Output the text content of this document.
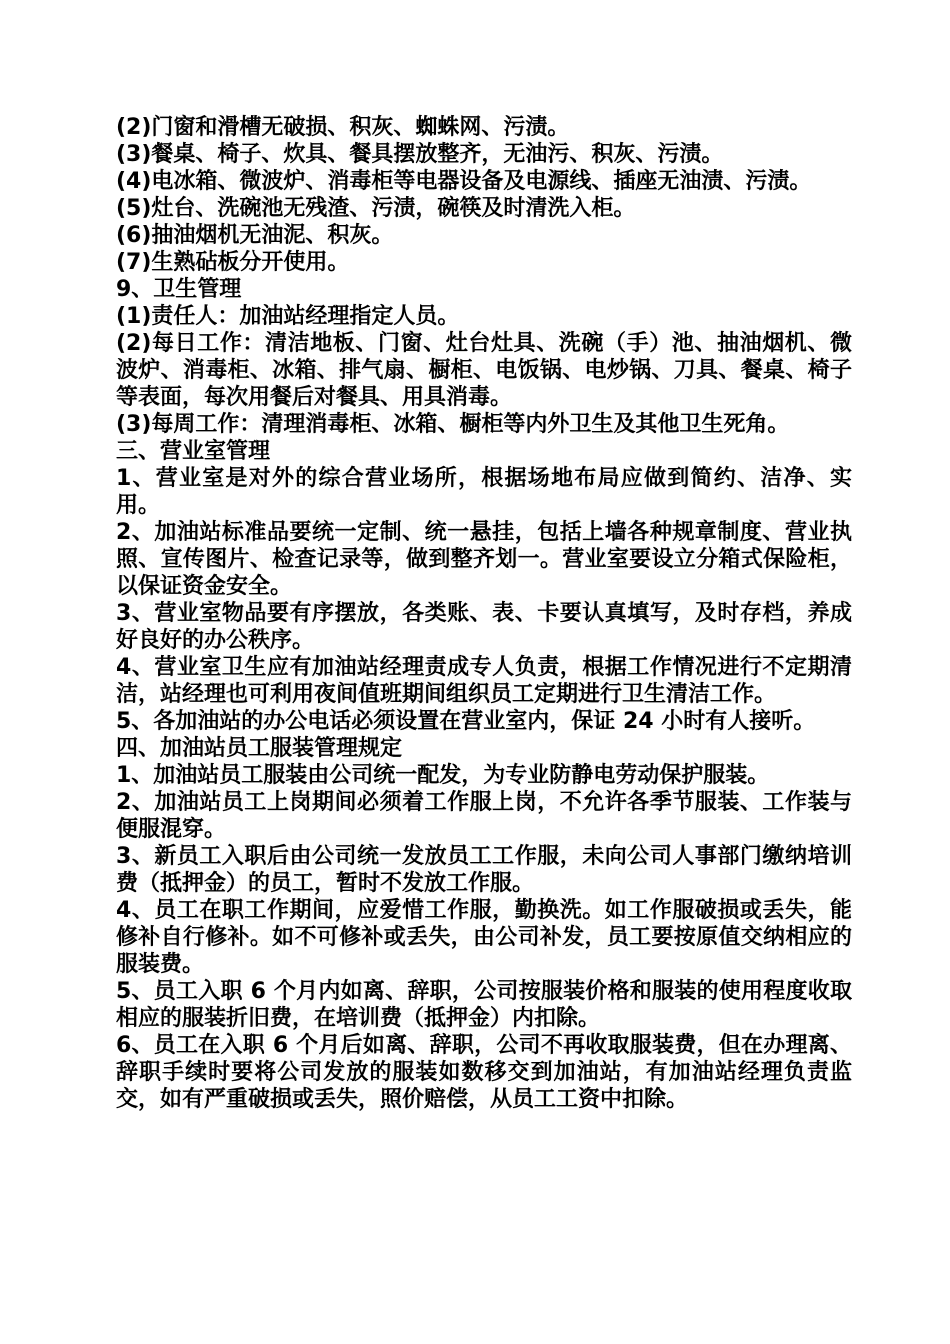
(2)门窗和滑槽无破损、积灰、蜘蛛网、污渍。

(3)餐桌、椅子、炊具、餐具摆放整齐，无油污、积灰、污渍。

(4)电冰箱、微波炉、消毒柜等电器设备及电源线、插座无油渍、污渍。

(5)灶台、洗碗池无残渣、污渍，碗筷及时清洗入柜。

(6)抽油烟机无油泥、积灰。

(7)生熟砧板分开使用。

9、卫生管理

(1)责任人：加油站经理指定人员。

(2)每日工作：清洁地板、门窗、灶台灶具、洗碗（手）池、抽油烟机、微波炉、消毒柜、冰箱、排气扇、橱柜、电饭锅、电炒锅、刀具、餐桌、椅子等表面，每次用餐后对餐具、用具消毒。

(3)每周工作：清理消毒柜、冰箱、橱柜等内外卫生及其他卫生死角。

三、营业室管理

1、营业室是对外的综合营业场所，根据场地布局应做到简约、洁净、实用。

2、加油站标准品要统一定制、统一悬挂，包括上墙各种规章制度、营业执照、宣传图片、检查记录等，做到整齐划一。营业室要设立分箱式保险柜，以保证资金安全。

3、营业室物品要有序摆放，各类账、表、卡要认真填写，及时存档，养成好良好的办公秩序。

4、营业室卫生应有加油站经理责成专人负责，根据工作情况进行不定期清洁，站经理也可利用夜间值班期间组织员工定期进行卫生清洁工作。

5、各加油站的办公电话必须设置在营业室内，保证 24 小时有人接听。

四、加油站员工服装管理规定

1、加油站员工服装由公司统一配发，为专业防静电劳动保护服装。

2、加油站员工上岗期间必须着工作服上岗，不允许各季节服装、工作装与便服混穿。

3、新员工入职后由公司统一发放员工工作服，未向公司人事部门缴纳培训费（抵押金）的员工，暂时不发放工作服。

4、员工在职工作期间，应爱惜工作服，勤换洗。如工作服破损或丢失，能修补自行修补。如不可修补或丢失，由公司补发，员工要按原值交纳相应的服装费。

5、员工入职 6 个月内如离、辞职，公司按服装价格和服装的使用程度收取相应的服装折旧费，在培训费（抵押金）内扣除。

6、员工在入职 6 个月后如离、辞职，公司不再收取服装费，但在办理离、辞职手续时要将公司发放的服装如数移交到加油站，有加油站经理负责监交，如有严重破损或丢失，照价赔偿，从员工工资中扣除。
